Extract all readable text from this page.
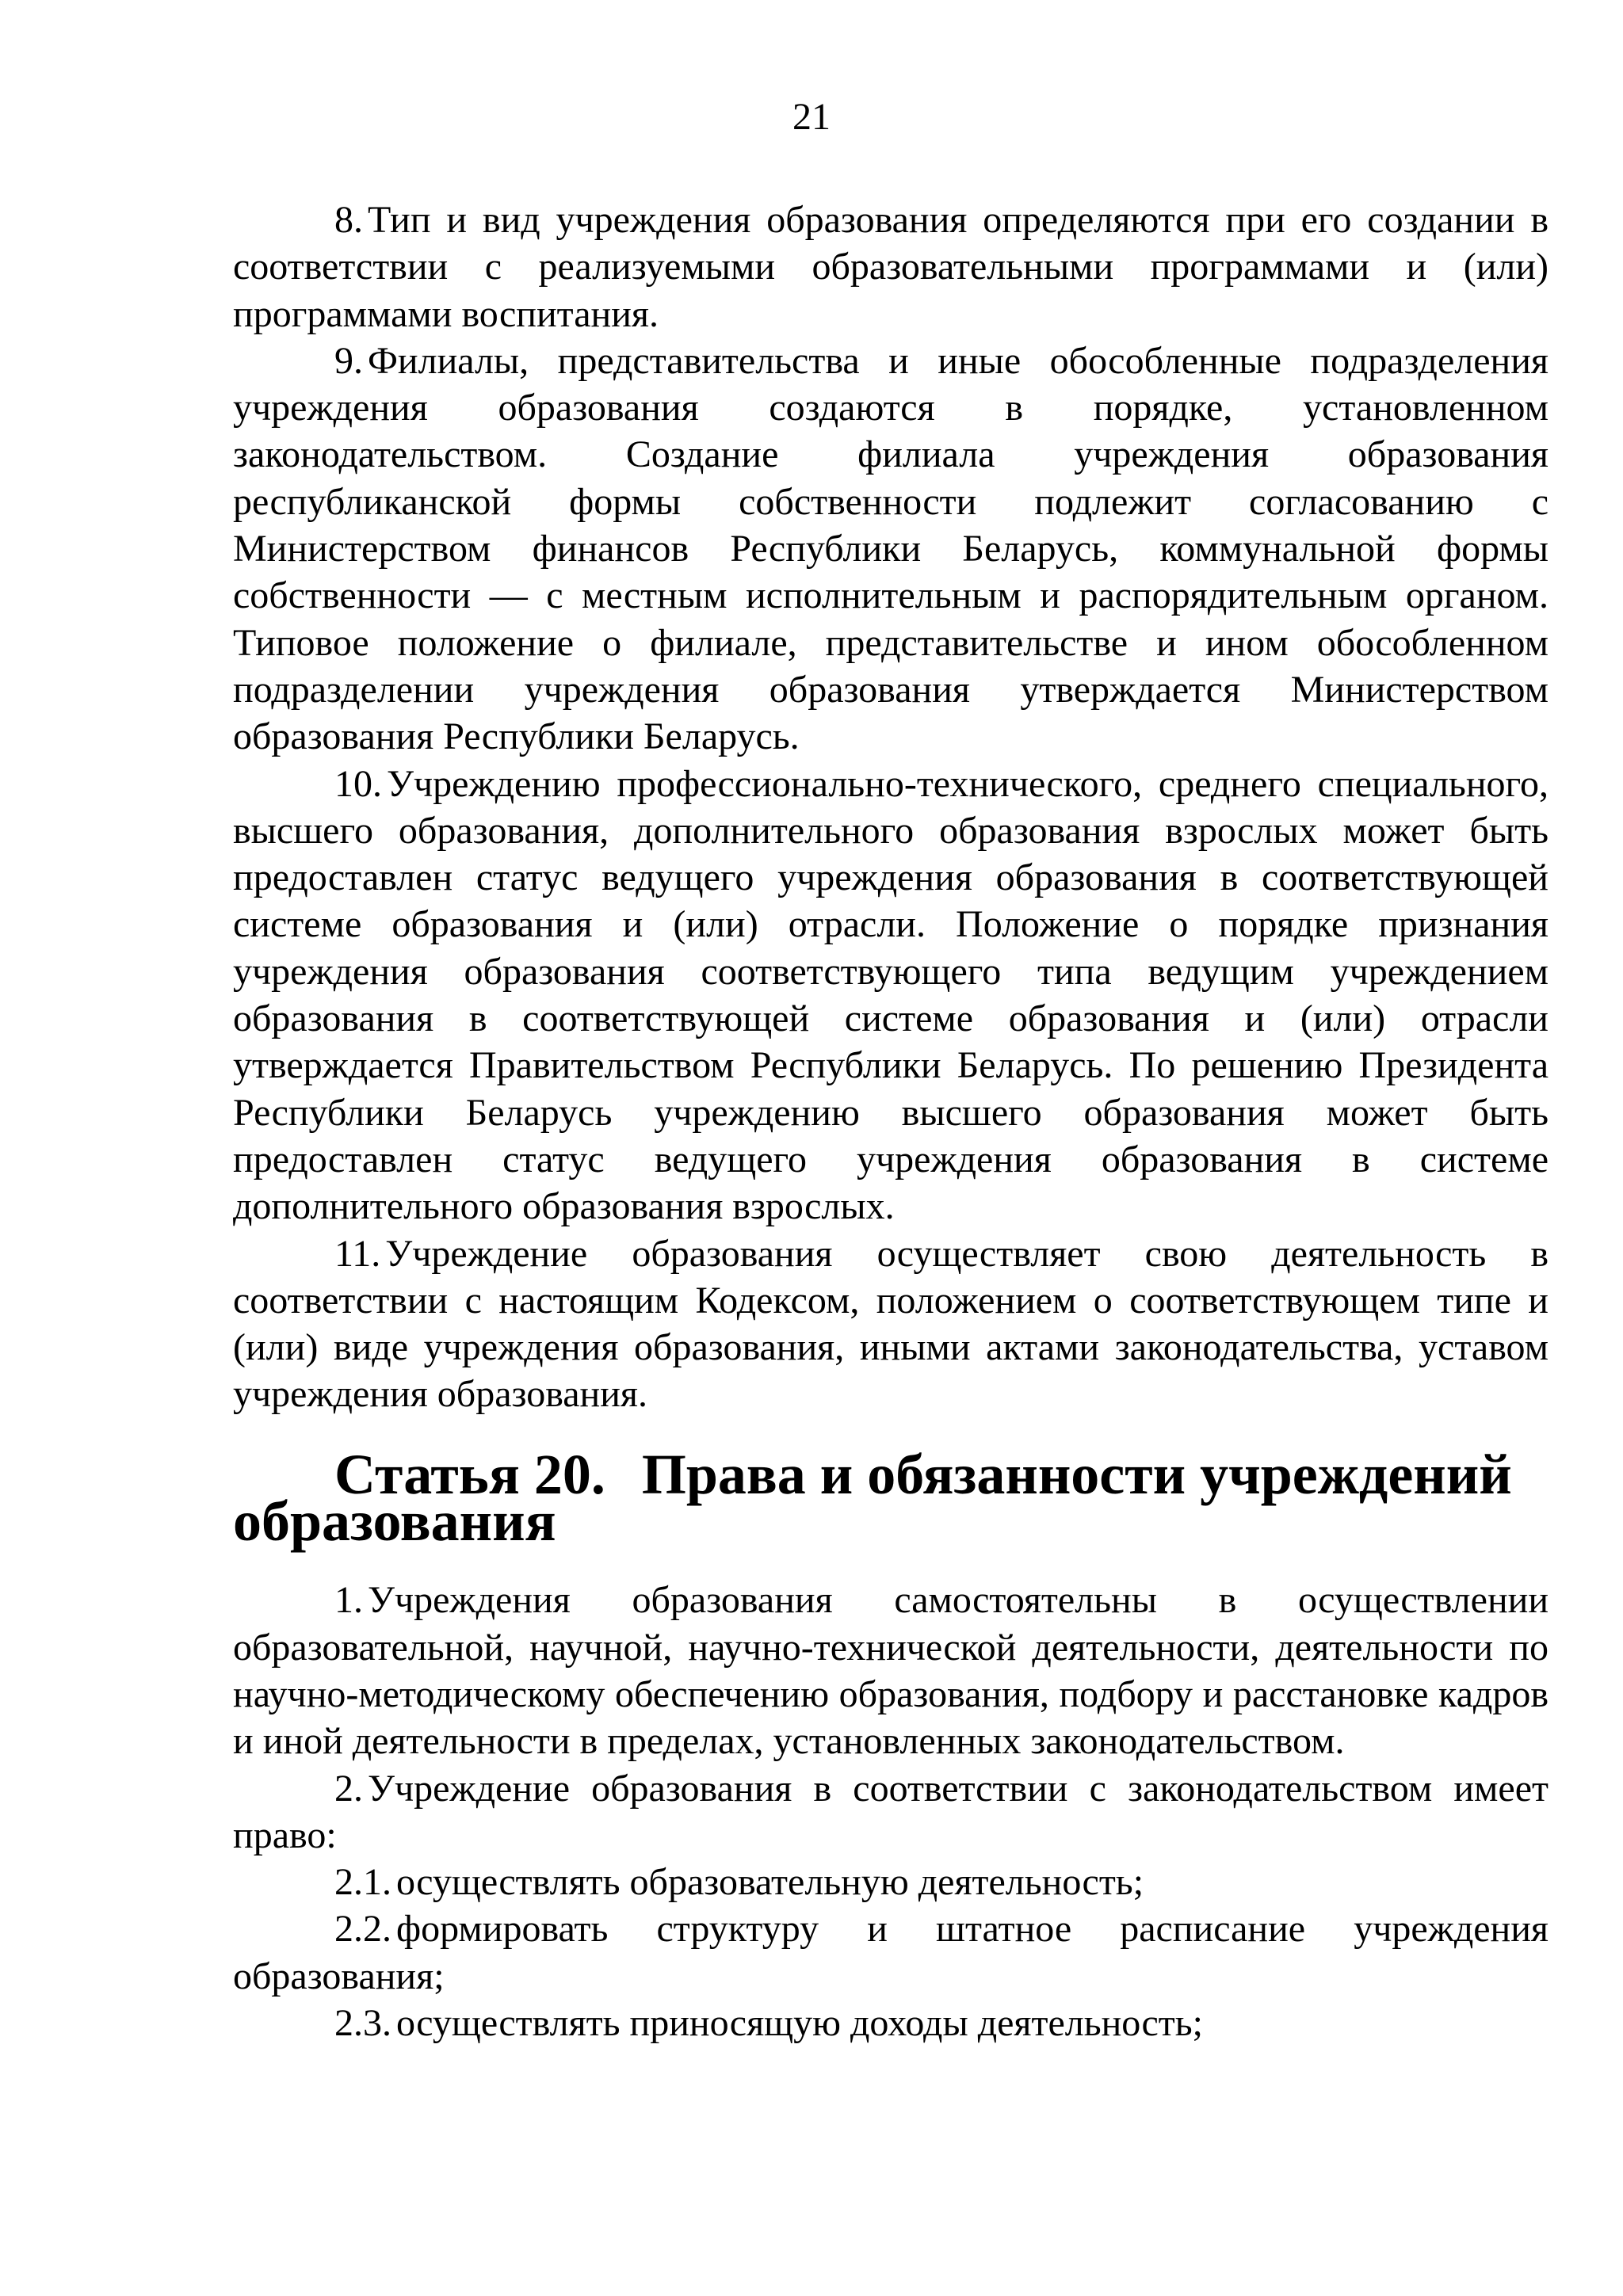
21

8. Тип и вид учреждения образования определяются при его создании в соответствии с реализуемыми образовательными программами и (или) программами воспитания.

9. Филиалы, представительства и иные обособленные подразделения учреждения образования создаются в порядке, установленном законодательством. Создание филиала учреждения образования республиканской формы собственности подлежит согласованию с Министерством финансов Республики Беларусь, коммунальной формы собственности — с местным исполнительным и распорядительным органом. Типовое положение о филиале, представительстве и ином обособленном подразделении учреждения образования утверждается Министерством образования Республики Беларусь.

10. Учреждению профессионально-технического, среднего специального, высшего образования, дополнительного образования взрослых может быть предоставлен статус ведущего учреждения образования в соответствующей системе образования и (или) отрасли. Положение о порядке признания учреждения образования соответствующего типа ведущим учреждением образования в соответствующей системе образования и (или) отрасли утверждается Правительством Республики Беларусь. По решению Президента Республики Беларусь учреждению высшего образования может быть предоставлен статус ведущего учреждения образования в системе дополнительного образования взрослых.

11. Учреждение образования осуществляет свою деятельность в соответствии с настоящим Кодексом, положением о соответствующем типе и (или) виде учреждения образования, иными актами законодательства, уставом учреждения образования.

Статья 20. Права и обязанности учреждений образования

1. Учреждения образования самостоятельны в осуществлении образовательной, научной, научно-технической деятельности, деятельности по научно-методическому обеспечению образования, подбору и расстановке кадров и иной деятельности в пределах, установленных законодательством.

2. Учреждение образования в соответствии с законодательством имеет право:

2.1. осуществлять образовательную деятельность;

2.2. формировать структуру и штатное расписание учреждения образования;

2.3. осуществлять приносящую доходы деятельность;
